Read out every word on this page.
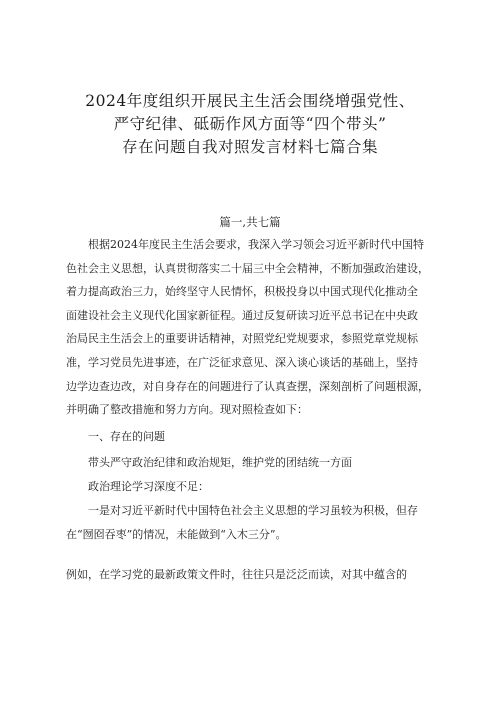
2024年度组织开展民主生活会围绕增强党性、
严守纪律、砥砺作风方面等“四个带头”
存在问题自我对照发言材料七篇合集
篇一,共七篇
根据2024年度民主生活会要求，我深入学习领会习近平新时代中国特
色社会主义思想，认真贯彻落实二十届三中全会精神，不断加强政治建设，
着力提高政治三力，始终坚守人民情怀，积极投身以中国式现代化推动全
面建设社会主义现代化国家新征程。通过反复研读习近平总书记在中央政
治局民主生活会上的重要讲话精神，对照党纪党规要求，参照党章党规标
准，学习党员先进事迹，在广泛征求意见、深入谈心谈话的基础上，坚持
边学边查边改，对自身存在的问题进行了认真查摆，深刻剖析了问题根源，
并明确了整改措施和努力方向。现对照检查如下：
一、存在的问题
带头严守政治纪律和政治规矩，维护党的团结统一方面
政治理论学习深度不足：
一是对习近平新时代中国特色社会主义思想的学习虽较为积极，但存
在“囫囵吞枣”的情况，未能做到“入木三分”。
例如，在学习党的最新政策文件时，往往只是泛泛而读，对其中蕴含的
